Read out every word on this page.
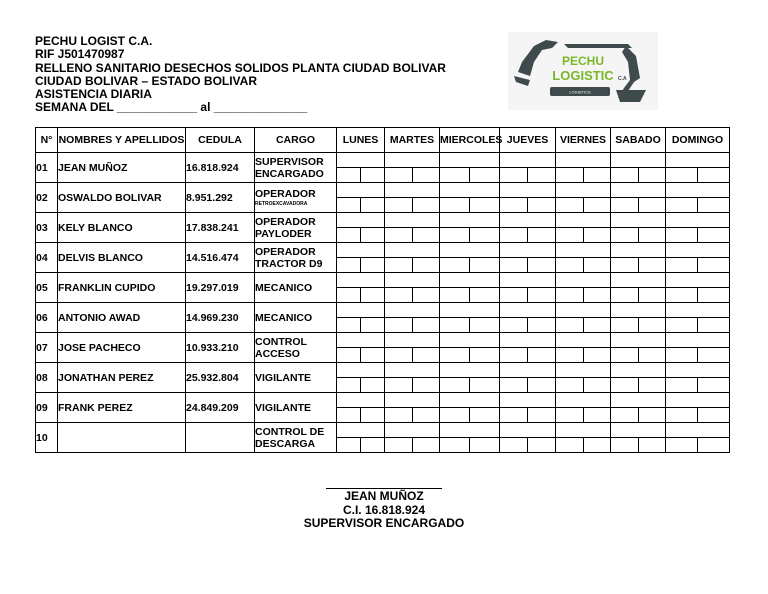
PECHU LOGIST C.A.
RIF J501470987
RELLENO SANITARIO DESECHOS SOLIDOS PLANTA CIUDAD BOLIVAR
CIUDAD BOLIVAR – ESTADO BOLIVAR
ASISTENCIA DIARIA
SEMANA DEL ____________ al ______________
PECHU
LOGISTIC C.A
LOGISTICS
N°	NOMBRES Y APELLIDOS	CEDULA	CARGO	LUNES	MARTES	MIERCOLES	JUEVES	VIERNES	SABADO	DOMINGO
01	JEAN MUÑOZ	16.818.924	SUPERVISOR ENCARGADO							

02	OSWALDO BOLIVAR	8.951.292	OPERADOR
RETROEXCAVADORA							

03	KELY BLANCO	17.838.241	OPERADOR PAYLODER							

04	DELVIS BLANCO	14.516.474	OPERADOR TRACTOR D9							

05	FRANKLIN CUPIDO	19.297.019	MECANICO							

06	ANTONIO AWAD	14.969.230	MECANICO							

07	JOSE PACHECO	10.933.210	CONTROL ACCESO							

08	JONATHAN PEREZ	25.932.804	VIGILANTE							

09	FRANK PEREZ	24.849.209	VIGILANTE							

10			CONTROL DE DESCARGA							

JEAN MUÑOZ
C.I. 16.818.924
SUPERVISOR ENCARGADO
